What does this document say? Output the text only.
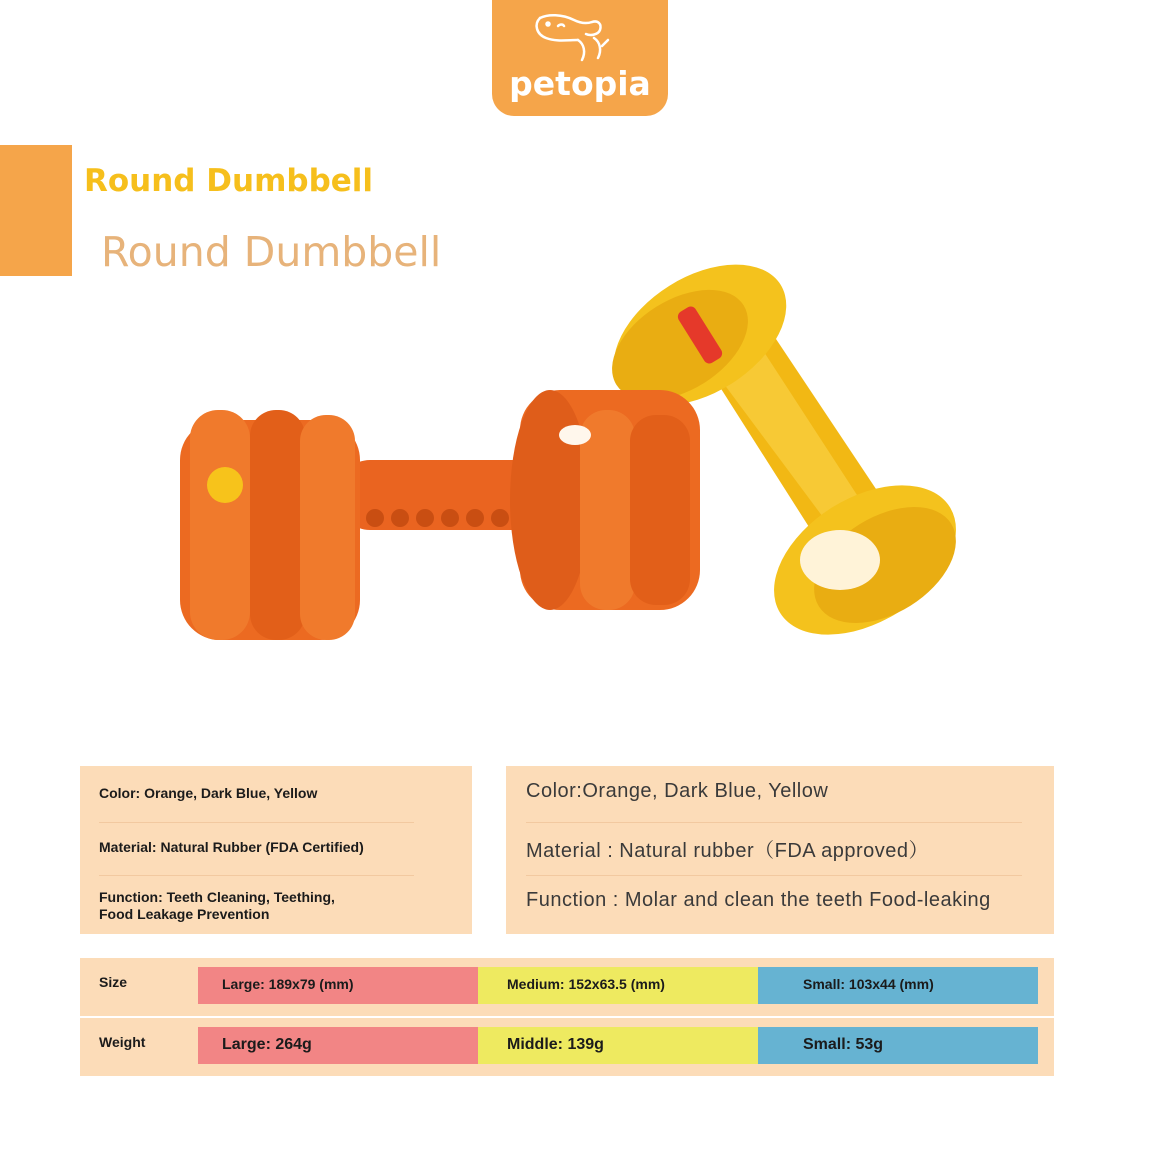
petopia
Round Dumbbell
Round Dumbbell
Color: Orange, Dark Blue, Yellow
Material: Natural Rubber (FDA Certified)
Function: Teeth Cleaning, Teething,
Food Leakage Prevention
Color:Orange, Dark Blue, Yellow
Material : Natural rubber（FDA approved）
Function : Molar and clean the teeth Food-leaking
Size	Large: 189x79 (mm)	Medium: 152x63.5 (mm)	Small: 103x44 (mm)
Weight	Large: 264g	Middle: 139g	Small: 53g
